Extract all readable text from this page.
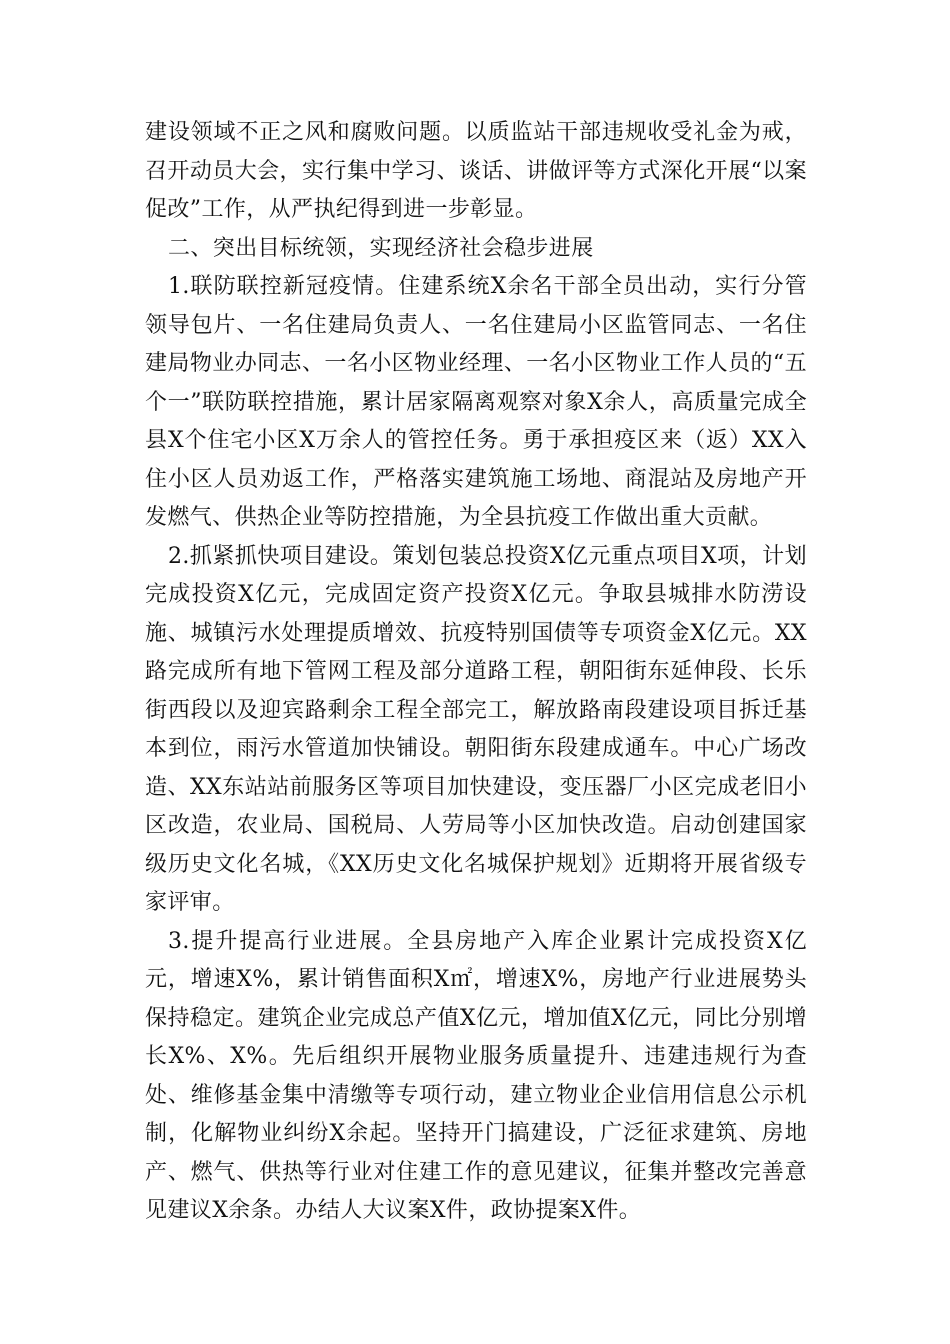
建设领域不正之风和腐败问题。以质监站干部违规收受礼金为戒，召开动员大会，实行集中学习、谈话、讲做评等方式深化开展“以案促改”工作，从严执纪得到进一步彰显。

二、突出目标统领，实现经济社会稳步进展

1.联防联控新冠疫情。住建系统X余名干部全员出动，实行分管领导包片、一名住建局负责人、一名住建局小区监管同志、一名住建局物业办同志、一名小区物业经理、一名小区物业工作人员的“五个一”联防联控措施，累计居家隔离观察对象X余人，高质量完成全县X个住宅小区X万余人的管控任务。勇于承担疫区来（返）XX入住小区人员劝返工作，严格落实建筑施工场地、商混站及房地产开发燃气、供热企业等防控措施，为全县抗疫工作做出重大贡献。

2.抓紧抓快项目建设。策划包装总投资X亿元重点项目X项，计划完成投资X亿元，完成固定资产投资X亿元。争取县城排水防涝设施、城镇污水处理提质增效、抗疫特别国债等专项资金X亿元。XX路完成所有地下管网工程及部分道路工程，朝阳街东延伸段、长乐街西段以及迎宾路剩余工程全部完工，解放路南段建设项目拆迁基本到位，雨污水管道加快铺设。朝阳街东段建成通车。中心广场改造、XX东站站前服务区等项目加快建设，变压器厂小区完成老旧小区改造，农业局、国税局、人劳局等小区加快改造。启动创建国家级历史文化名城，《XX历史文化名城保护规划》近期将开展省级专家评审。

3.提升提高行业进展。全县房地产入库企业累计完成投资X亿元，增速X%，累计销售面积X㎡，增速X%，房地产行业进展势头保持稳定。建筑企业完成总产值X亿元，增加值X亿元，同比分别增长X%、X%。先后组织开展物业服务质量提升、违建违规行为查处、维修基金集中清缴等专项行动，建立物业企业信用信息公示机制，化解物业纠纷X余起。坚持开门搞建设，广泛征求建筑、房地产、燃气、供热等行业对住建工作的意见建议，征集并整改完善意见建议X余条。办结人大议案X件，政协提案X件。
